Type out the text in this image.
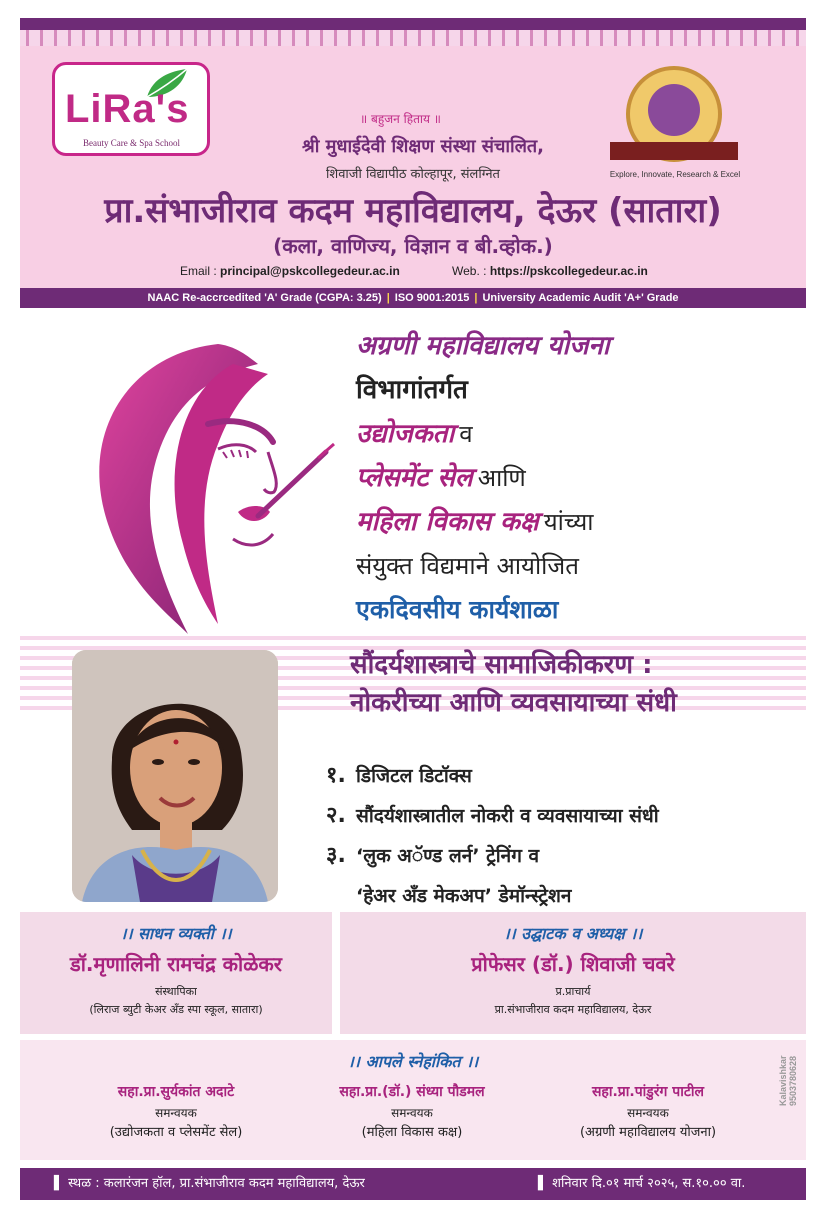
LiRa's
Beauty Care & Spa School
॥ बहुजन हिताय ॥
श्री मुधाईदेवी शिक्षण संस्था संचालित,
शिवाजी विद्यापीठ कोल्हापूर, संलग्नित
प्रा.संभाजीराव कदम महाविद्यालय, देऊर (सातारा)
(कला, वाणिज्य, विज्ञान व बी.व्होक.)
Email : principal@pskcollegedeur.ac.in	Web. : https://pskcollegedeur.ac.in
Explore, Innovate, Research & Excel
NAAC Re-accrcedited 'A' Grade (CGPA: 3.25) | ISO 9001:2015 | University Academic Audit 'A+' Grade
अग्रणी महाविद्यालय योजना
विभागांतर्गत
उद्योजकता व
प्लेसमेंट सेल आणि
महिला विकास कक्ष यांच्या
संयुक्त विद्यमाने आयोजित
एकदिवसीय कार्यशाळा
सौंदर्यशास्त्राचे सामाजिकीकरण :
नोकरीच्या आणि व्यवसायाच्या संधी
१. डिजिटल डिटॉक्स
२. सौंदर्यशास्त्रातील नोकरी व व्यवसायाच्या संधी
३. ‘लुक अॅण्ड लर्न’ ट्रेनिंग व
‘हेअर अँड मेकअप’ डेमॉन्स्ट्रेशन
।। साधन व्यक्ती ।।
डॉ.मृणालिनी रामचंद्र कोळेकर
संस्थापिका
(लिराज ब्युटी केअर अँड स्पा स्कूल, सातारा)
।। उद्घाटक व अध्यक्ष ।।
प्रोफेसर (डॉ.) शिवाजी चवरे
प्र.प्राचार्य
प्रा.संभाजीराव कदम महाविद्यालय, देऊर
।। आपले स्नेहांकित ।।
सहा.प्रा.सुर्यकांत अदाटे
समन्वयक
(उद्योजकता व प्लेसमेंट सेल)
सहा.प्रा.(डॉ.) संध्या पौडमल
समन्वयक
(महिला विकास कक्ष)
सहा.प्रा.पांडुरंग पाटील
समन्वयक
(अग्रणी महाविद्यालय योजना)
Kalavishkar 9503780628
▌ स्थळ : कलारंजन हॉल, प्रा.संभाजीराव कदम महाविद्यालय, देऊर	▌ शनिवार दि.०१ मार्च २०२५, स.१०.०० वा.
